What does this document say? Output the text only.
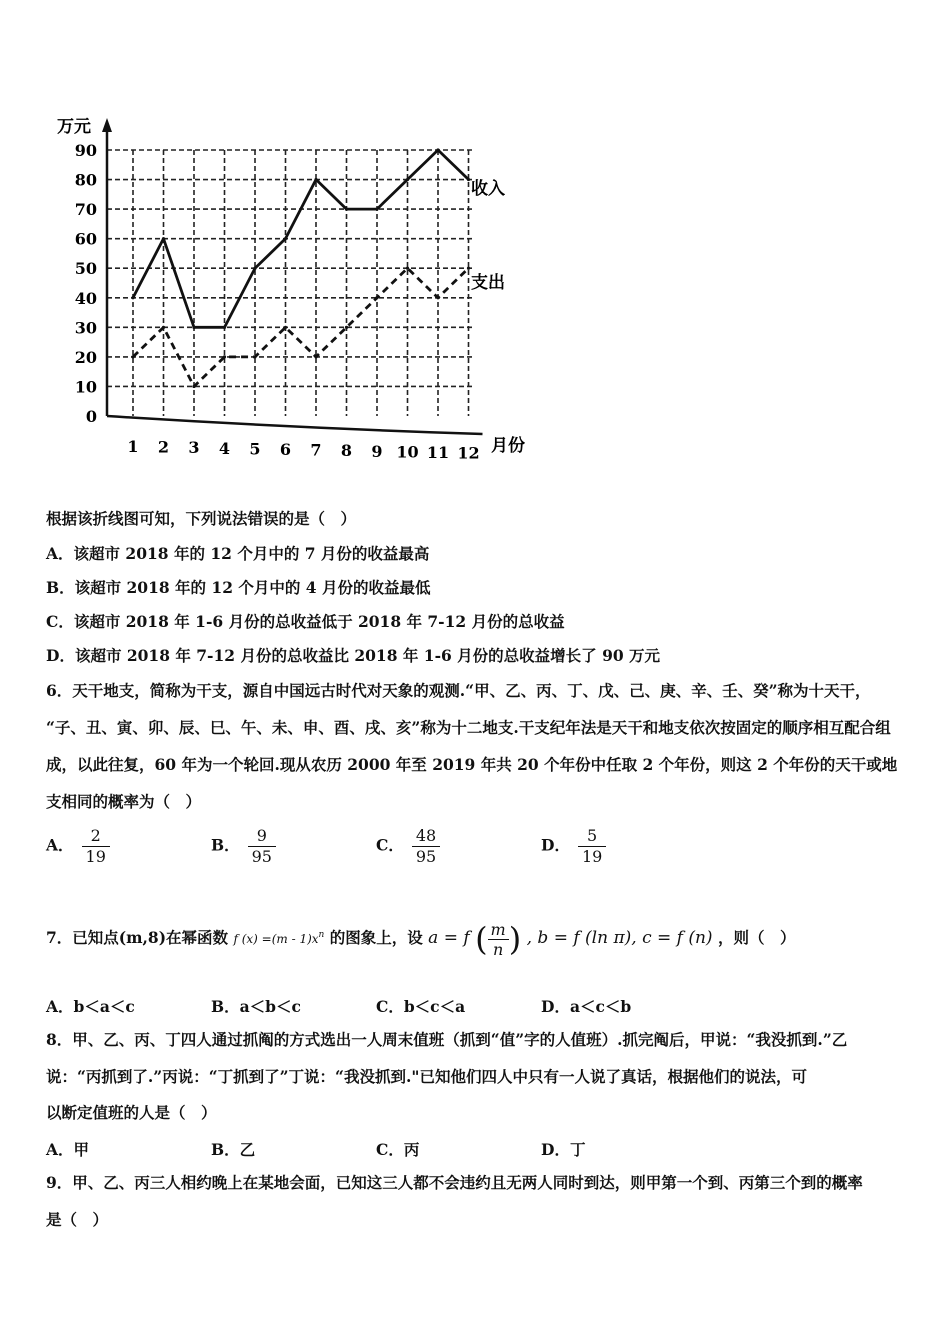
0
10
20
30
40
50
60
70
80
90
1 2 3 4 5 6 7 8 9 10 11 12
万元
月份
收入
支出
根据该折线图可知，下列说法错误的是（　）
A．该超市 2018 年的 12 个月中的 7 月份的收益最高
B．该超市 2018 年的 12 个月中的 4 月份的收益最低
C．该超市 2018 年 1-6 月份的总收益低于 2018 年 7-12 月份的总收益
D．该超市 2018 年 7-12 月份的总收益比 2018 年 1-6 月份的总收益增长了 90 万元
6．天干地支，简称为干支，源自中国远古时代对天象的观测.“甲、乙、丙、丁、戊、己、庚、辛、壬、癸”称为十天干，
“子、丑、寅、卯、辰、巳、午、未、申、酉、戌、亥”称为十二地支.干支纪年法是天干和地支依次按固定的顺序相互配合组
成，以此往复，60 年为一个轮回.现从农历 2000 年至 2019 年共 20 个年份中任取 2 个年份，则这 2 个年份的天干或地
支相同的概率为（　）
A． $\frac{2}{19}$	B． $\frac{9}{95}$	C． $\frac{48}{95}$	D． $\frac{5}{19}$
7．已知点(m,8)在幂函数 f $(x) =(m - 1)x^n$ 的图象上，设 a = f ( $\frac{m}{n}$ ) , b = f (ln π), c = f (n) ，则（　）
A．b＜a＜c	B．a＜b＜c	C．b＜c＜a	D．a＜c＜b
8．甲、乙、丙、丁四人通过抓阄的方式选出一人周末值班（抓到“值”字的人值班）.抓完阄后，甲说：“我没抓到.”乙
说：“丙抓到了.”丙说：“丁抓到了”丁说：“我没抓到."已知他们四人中只有一人说了真话，根据他们的说法，可
以断定值班的人是（　）
A．甲	B．乙	C．丙	D．丁
9．甲、乙、丙三人相约晚上在某地会面，已知这三人都不会违约且无两人同时到达，则甲第一个到、丙第三个到的概率
是（　）
